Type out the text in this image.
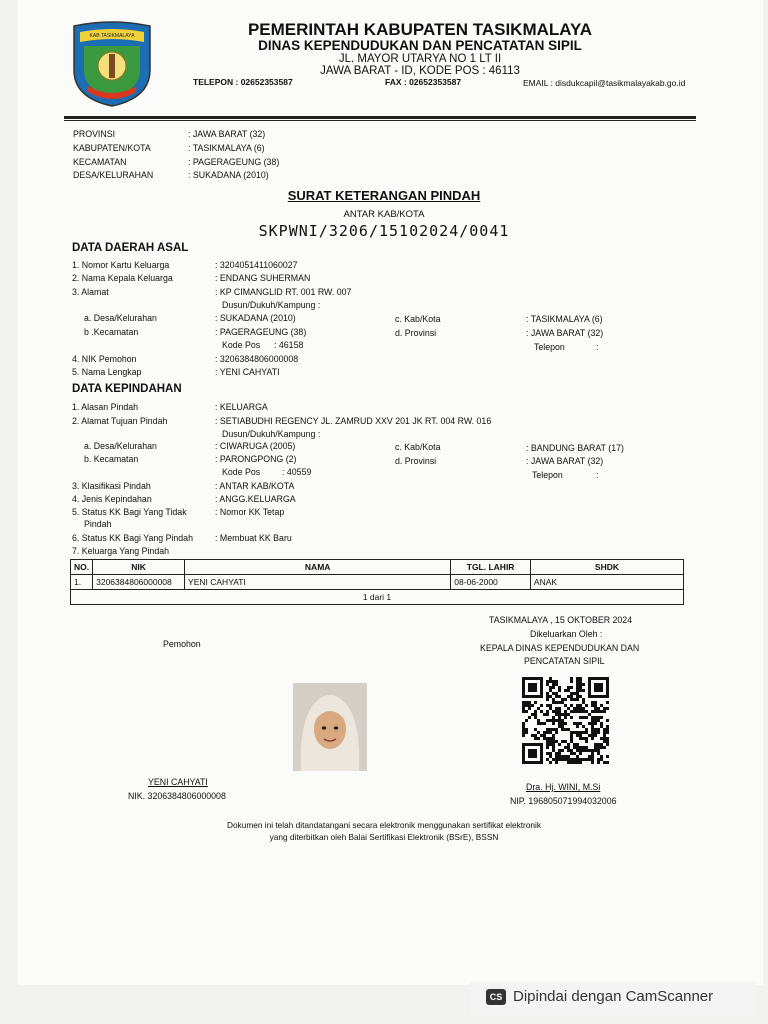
KAB TASIKMALAYA	PEMERINTAH KABUPATEN TASIKMALAYA
DINAS KEPENDUDUKAN DAN PENCATATAN SIPIL
JL. MAYOR UTARYA NO 1 LT II
JAWA BARAT - ID, KODE POS : 46113
TELEPON : 02652353587	FAX : 02652353587	EMAIL : disdukcapil@tasikmalayakab.go.id
PROVINSI	: JAWA BARAT (32)
KABUPATEN/KOTA	: TASIKMALAYA (6)
KECAMATAN	: PAGERAGEUNG (38)
DESA/KELURAHAN	: SUKADANA (2010)
SURAT KETERANGAN PINDAH
ANTAR KAB/KOTA
SKPWNI/3206/15102024/0041
DATA DAERAH ASAL
1. Nomor Kartu Keluarga	: 3204051411060027
2. Nama Kepala Keluarga	: ENDANG SUHERMAN
3. Alamat	: KP CIMANGLID RT. 001 RW. 007
Dusun/Dukuh/Kampung :
a. Desa/Kelurahan	: SUKADANA (2010)	c. Kab/Kota	: TASIKMALAYA (6)
b .Kecamatan	: PAGERAGEUNG (38)	d. Provinsi	: JAWA BARAT (32)
Kode Pos : 46158	Telepon	:
4. NIK Pemohon	: 3206384806000008
5. Nama Lengkap	: YENI CAHYATI
DATA KEPINDAHAN
1. Alasan Pindah	: KELUARGA
2. Alamat Tujuan Pindah	: SETIABUDHI REGENCY JL. ZAMRUD XXV 201 JK RT. 004 RW. 016
Dusun/Dukuh/Kampung :
a. Desa/Kelurahan	: CIWARUGA (2005)	c. Kab/Kota	: BANDUNG BARAT (17)
b. Kecamatan	: PARONGPONG (2)	d. Provinsi	: JAWA BARAT (32)
Kode Pos : 40559	Telepon	:
3. Klasifikasi Pindah	: ANTAR KAB/KOTA
4. Jenis Kepindahan	: ANGG.KELUARGA
5. Status KK Bagi Yang Tidak
Pindah
: Nomor KK Tetap
6. Status KK Bagi Yang Pindah	: Membuat KK Baru
7. Keluarga Yang Pindah
NO.	NIK	NAMA	TGL. LAHIR	SHDK
1.	3206384806000008	YENI CAHYATI	08-06-2000	ANAK
1 dari 1				
TASIKMALAYA , 15 OKTOBER 2024
Dikeluarkan Oleh :
Pemohon	KEPALA DINAS KEPENDUDUKAN DAN
PENCATATAN SIPIL
YENI CAHYATI
NIK. 3206384806000008
Dra. Hj. WINI, M.Si
NIP. 196805071994032006
Dokumen ini telah ditandatangani secara elektronik menggunakan sertifikat elektronik
yang diterbitkan oleh Balai Sertifikasi Elektronik (BSrE), BSSN
CS Dipindai dengan CamScanner
